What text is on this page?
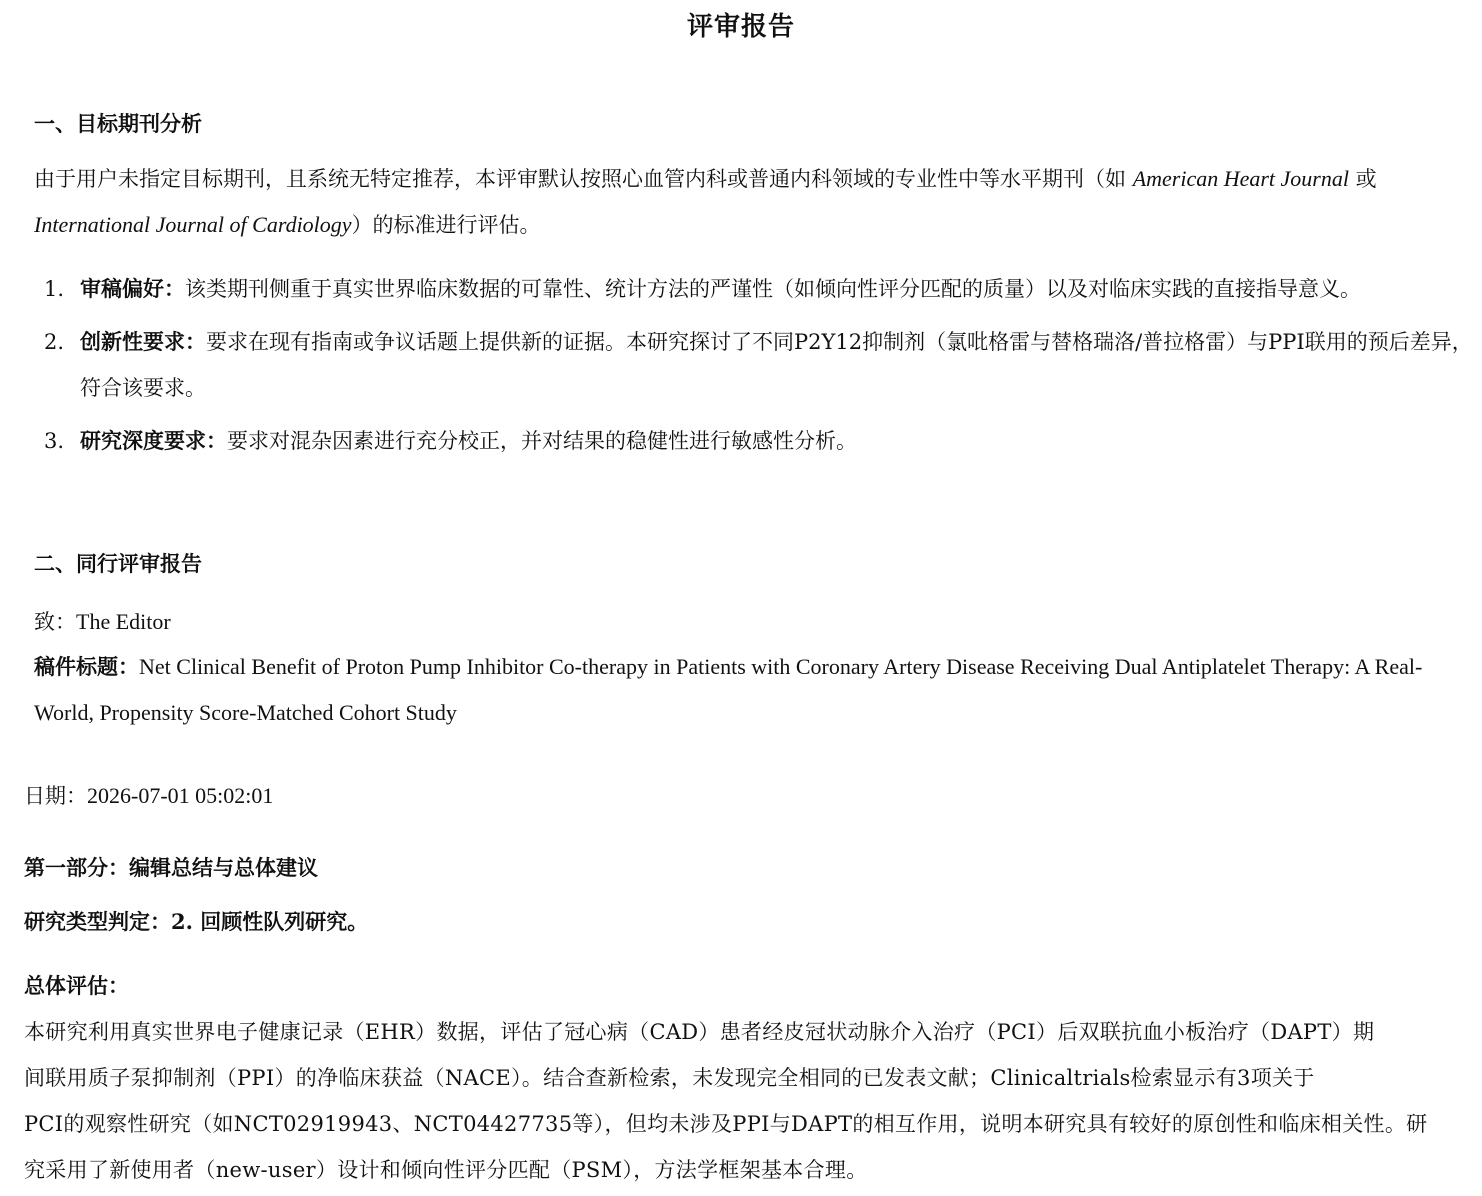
评审报告
一、目标期刊分析
由于用户未指定目标期刊，且系统无特定推荐，本评审默认按照心血管内科或普通内科领域的专业性中等水平期刊（如 American Heart Journal 或 International Journal of Cardiology）的标准进行评估。
1. 审稿偏好：该类期刊侧重于真实世界临床数据的可靠性、统计方法的严谨性（如倾向性评分匹配的质量）以及对临床实践的直接指导意义。
2. 创新性要求：要求在现有指南或争议话题上提供新的证据。本研究探讨了不同P2Y12抑制剂（氯吡格雷与替格瑞洛/普拉格雷）与PPI联用的预后差异，符合该要求。
3. 研究深度要求：要求对混杂因素进行充分校正，并对结果的稳健性进行敏感性分析。
二、同行评审报告
致：The Editor
稿件标题：Net Clinical Benefit of Proton Pump Inhibitor Co-therapy in Patients with Coronary Artery Disease Receiving Dual Antiplatelet Therapy: A Real-World, Propensity Score-Matched Cohort Study
日期：2026-07-01 05:02:01
第一部分：编辑总结与总体建议
研究类型判定：2. 回顾性队列研究。
总体评估：
本研究利用真实世界电子健康记录（EHR）数据，评估了冠心病（CAD）患者经皮冠状动脉介入治疗（PCI）后双联抗血小板治疗（DAPT）期
间联用质子泵抑制剂（PPI）的净临床获益（NACE）。结合查新检索，未发现完全相同的已发表文献；Clinicaltrials检索显示有3项关于
PCI的观察性研究（如NCT02919943、NCT04427735等），但均未涉及PPI与DAPT的相互作用，说明本研究具有较好的原创性和临床相关性。研
究采用了新使用者（new-user）设计和倾向性评分匹配（PSM），方法学框架基本合理。
